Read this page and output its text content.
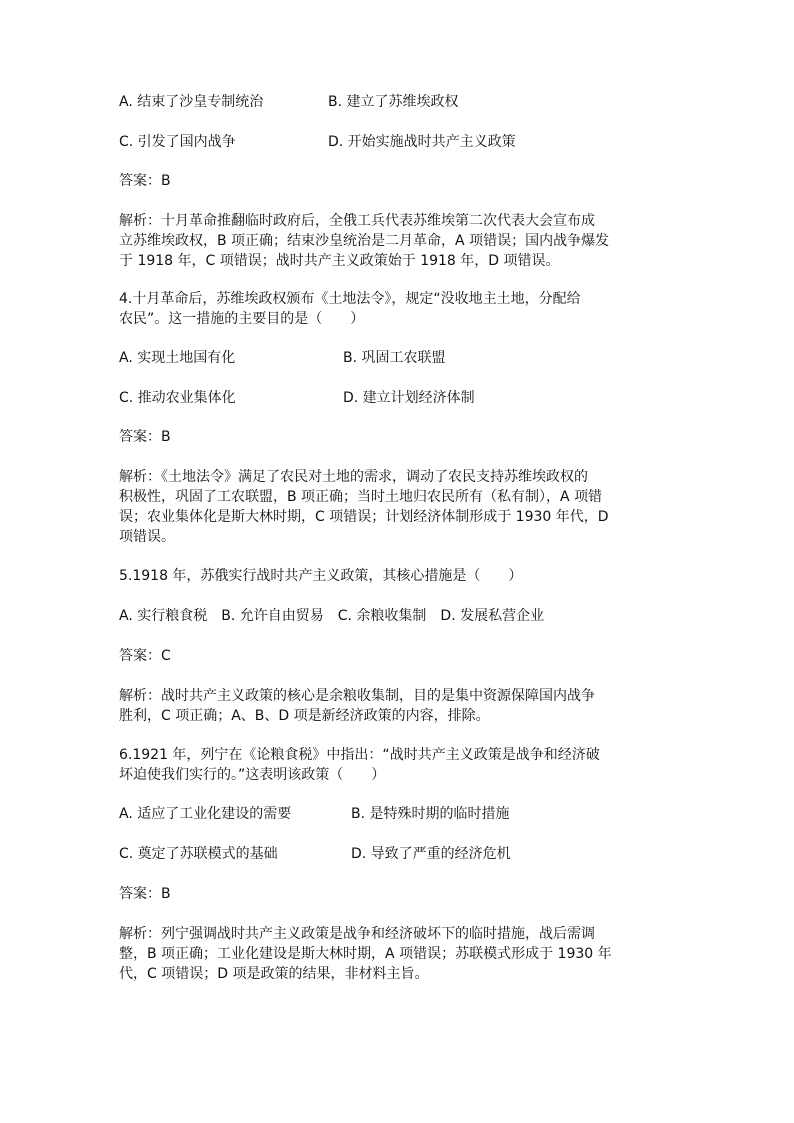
A. 结束了沙皇专制统治	B. 建立了苏维埃政权
C. 引发了国内战争	D. 开始实施战时共产主义政策
答案：B
解析：十月革命推翻临时政府后，全俄工兵代表苏维埃第二次代表大会宣布成
立苏维埃政权，B 项正确；结束沙皇统治是二月革命，A 项错误；国内战争爆发
于 1918 年，C 项错误；战时共产主义政策始于 1918 年，D 项错误。
4.十月革命后，苏维埃政权颁布《土地法令》，规定“没收地主土地，分配给
农民”。这一措施的主要目的是（　　）
A. 实现土地国有化	B. 巩固工农联盟
C. 推动农业集体化	D. 建立计划经济体制
答案：B
解析：《土地法令》满足了农民对土地的需求，调动了农民支持苏维埃政权的
积极性，巩固了工农联盟，B 项正确；当时土地归农民所有（私有制），A 项错
误；农业集体化是斯大林时期，C 项错误；计划经济体制形成于 1930 年代，D
项错误。
5.1918 年，苏俄实行战时共产主义政策，其核心措施是（　　）
A. 实行粮食税　B. 允许自由贸易　C. 余粮收集制　D. 发展私营企业
答案：C
解析：战时共产主义政策的核心是余粮收集制，目的是集中资源保障国内战争
胜利，C 项正确；A、B、D 项是新经济政策的内容，排除。
6.1921 年，列宁在《论粮食税》中指出：“战时共产主义政策是战争和经济破
坏迫使我们实行的。”这表明该政策（　　）
A. 适应了工业化建设的需要	B. 是特殊时期的临时措施
C. 奠定了苏联模式的基础	D. 导致了严重的经济危机
答案：B
解析：列宁强调战时共产主义政策是战争和经济破坏下的临时措施，战后需调
整，B 项正确；工业化建设是斯大林时期，A 项错误；苏联模式形成于 1930 年
代，C 项错误；D 项是政策的结果，非材料主旨。
